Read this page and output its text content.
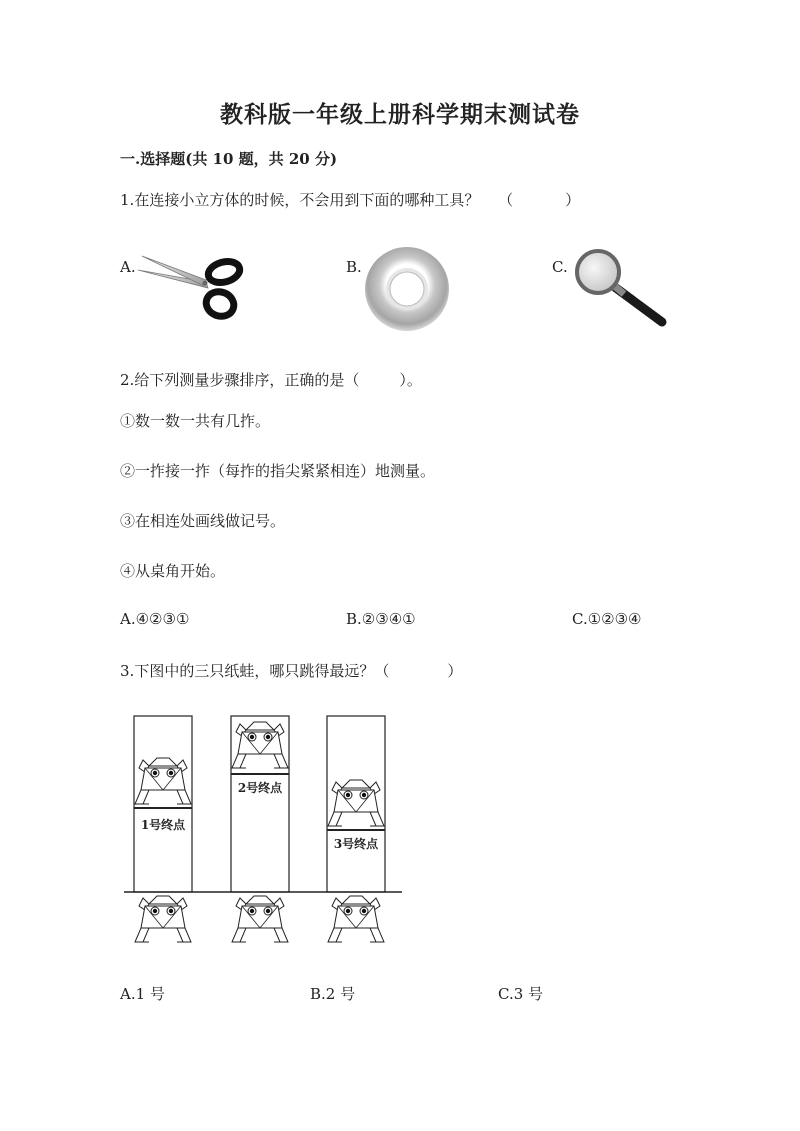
教科版一年级上册科学期末测试卷
一.选择题(共 10 题，共 20 分)
1.在连接小立方体的时候，不会用到下面的哪种工具？ （	）
A.	B.	C.
2.给下列测量步骤排序，正确的是（	）。
①数一数一共有几拃。
②一拃接一拃（每拃的指尖紧紧相连）地测量。
③在相连处画线做记号。
④从桌角开始。
A.④②③①	B.②③④①	C.①②③④
3.下图中的三只纸蛙，哪只跳得最远？（	）
1号终点
2号终点
3号终点
A.1 号	B.2 号	C.3 号
